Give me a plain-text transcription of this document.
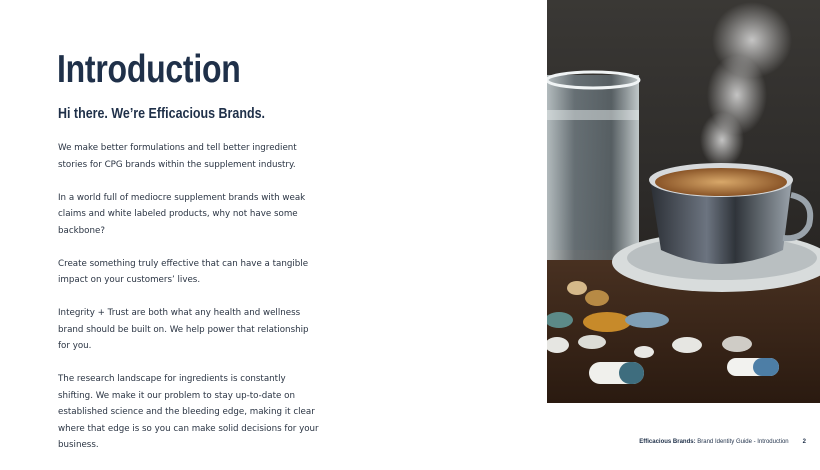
Introduction
Hi there. We’re Efficacious Brands.

We make better formulations and tell better ingredient stories for CPG brands within the supplement industry.

In a world full of mediocre supplement brands with weak claims and white labeled products, why not have some backbone?

Create something truly effective that can have a tangible impact on your customers’ lives.

Integrity + Trust are both what any health and wellness brand should be built on. We help power that relationship for you.

The research landscape for ingredients is constantly shifting. We make it our problem to stay up-to-date on established science and the bleeding edge, making it clear where that edge is so you can make solid decisions for your business.	Efficacious Brands: Brand Identity Guide - Introduction 2
